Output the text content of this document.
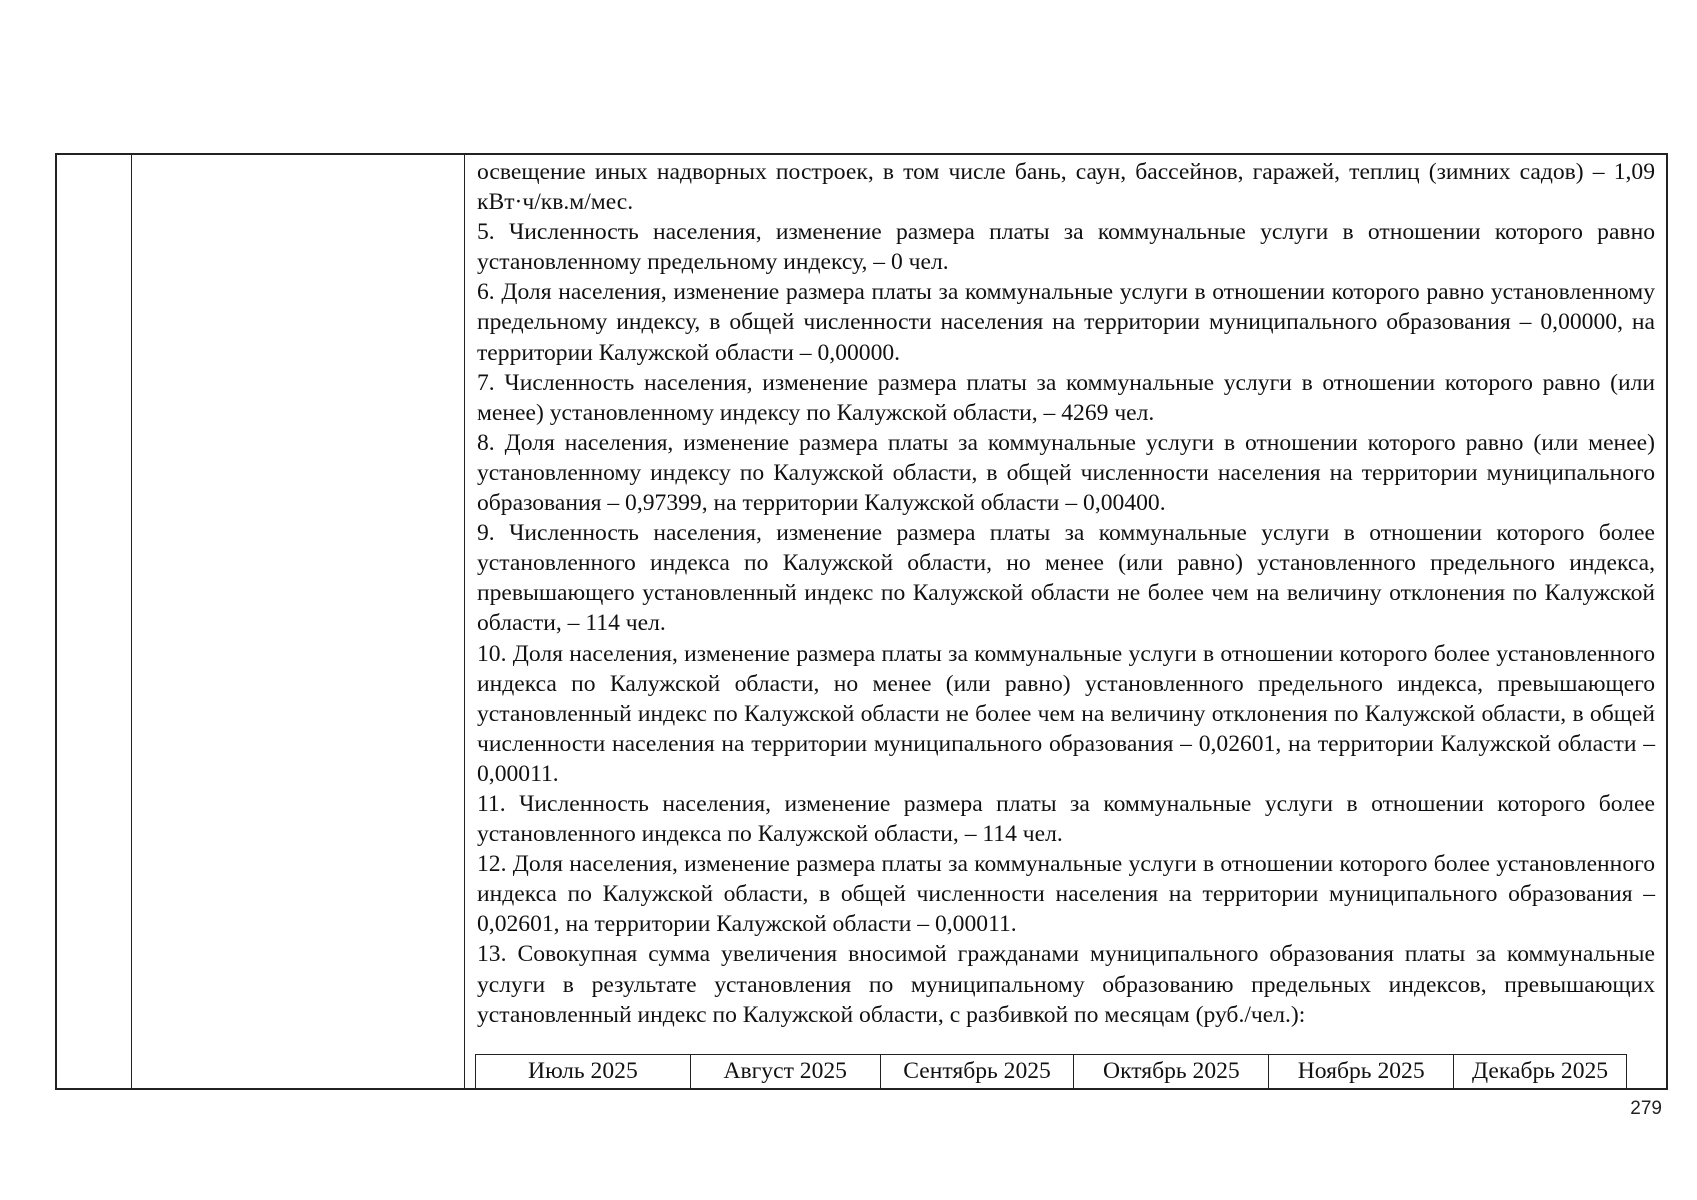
освещение иных надворных построек, в том числе бань, саун, бассейнов, гаражей, теплиц (зимних садов) – 1,09 кВт·ч/кв.м/мес.

5. Численность населения, изменение размера платы за коммунальные услуги в отношении которого равно установленному предельному индексу, – 0 чел.

6. Доля населения, изменение размера платы за коммунальные услуги в отношении которого равно установленному предельному индексу, в общей численности населения на территории муниципального образования – 0,00000, на территории Калужской области – 0,00000.

7. Численность населения, изменение размера платы за коммунальные услуги в отношении которого равно (или менее) установленному индексу по Калужской области, – 4269 чел.

8. Доля населения, изменение размера платы за коммунальные услуги в отношении которого равно (или менее) установленному индексу по Калужской области, в общей численности населения на территории муниципального образования – 0,97399, на территории Калужской области – 0,00400.

9. Численность населения, изменение размера платы за коммунальные услуги в отношении которого более установленного индекса по Калужской области, но менее (или равно) установленного предельного индекса, превышающего установленный индекс по Калужской области не более чем на величину отклонения по Калужской области, – 114 чел.

10. Доля населения, изменение размера платы за коммунальные услуги в отношении которого более установленного индекса по Калужской области, но менее (или равно) установленного предельного индекса, превышающего установленный индекс по Калужской области не более чем на величину отклонения по Калужской области, в общей численности населения на территории муниципального образования – 0,02601, на территории Калужской области – 0,00011.

11. Численность населения, изменение размера платы за коммунальные услуги в отношении которого более установленного индекса по Калужской области, – 114 чел.

12. Доля населения, изменение размера платы за коммунальные услуги в отношении которого более установленного индекса по Калужской области, в общей численности населения на территории муниципального образования – 0,02601, на территории Калужской области – 0,00011.

13. Совокупная сумма увеличения вносимой гражданами муниципального образования платы за коммунальные услуги в результате установления по муниципальному образованию предельных индексов, превышающих установленный индекс по Калужской области, с разбивкой по месяцам (руб./чел.):

Июль 2025	Август 2025	Сентябрь 2025	Октябрь 2025	Ноябрь 2025	Декабрь 2025
279
